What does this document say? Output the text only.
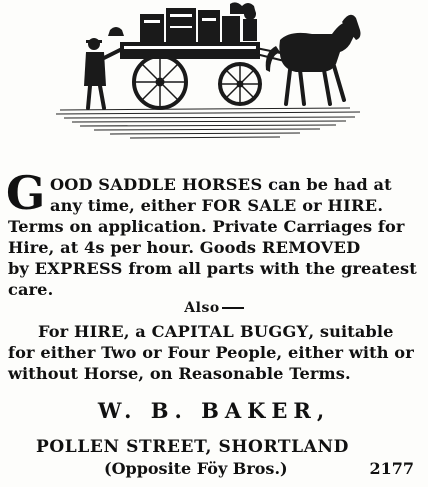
G OOD SADDLE HORSES can be had at
any time, either FOR SALE or HIRE.
Terms on application. Private Carriages for
Hire, at 4s per hour. Goods REMOVED
by EXPRESS from all parts with the greatest
care.
Also
For HIRE, a CAPITAL BUGGY, suitable
for either Two or Four People, either with or
without Horse, on Reasonable Terms.
W. B. BAKER,
POLLEN STREET, SHORTLAND
(Opposite Föy Bros.)	2177
